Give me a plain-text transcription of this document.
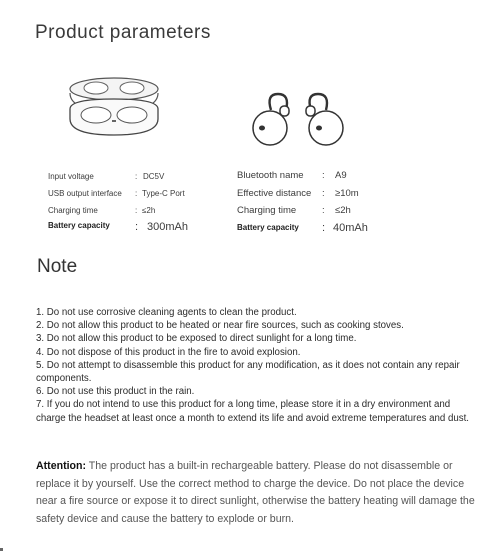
Product parameters
Input voltage	: DC5V
USB output interface : Type-C Port
Charging time	: ≤2h
Battery capacity : 300mAh
Bluetooth name : A9
Effective distance : ≥10m
Charging time	: ≤2h
Battery capacity : 40mAh
Note

1. Do not use corrosive cleaning agents to clean the product.

2. Do not allow this product to be heated or near fire sources, such as cooking stoves.

3. Do not allow this product to be exposed to direct sunlight for a long time.

4. Do not dispose of this product in the fire to avoid explosion.

5. Do not attempt to disassemble this product for any modification, as it does not contain any repair components.

6. Do not use this product in the rain.

7. If you do not intend to use this product for a long time, please store it in a dry environment and charge the headset at least once a month to extend its life and avoid extreme temperatures and dust.

Attention: The product has a built-in rechargeable battery. Please do not disassemble or replace it by yourself. Use the correct method to charge the device. Do not place the device near a fire source or expose it to direct sunlight, otherwise the battery heating will damage the safety device and cause the battery to explode or burn.
